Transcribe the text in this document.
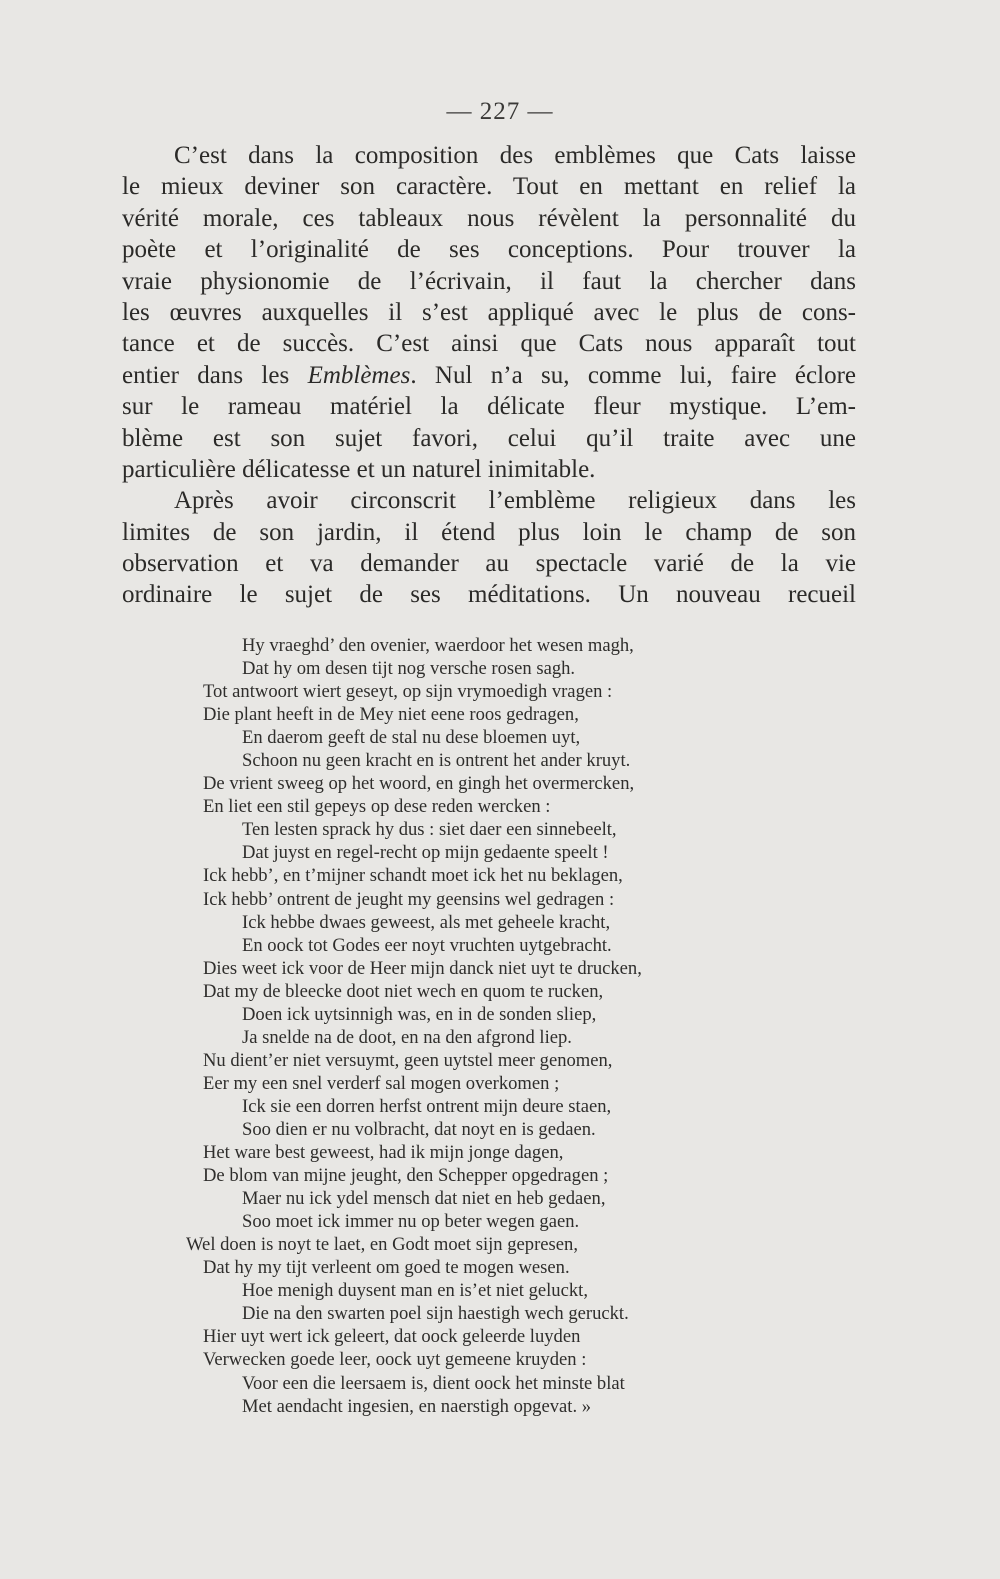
— 227 —
C’est dans la composition des emblèmes que Cats laisse
le mieux deviner son caractère. Tout en mettant en relief la
vérité morale, ces tableaux nous révèlent la personnalité du
poète et l’originalité de ses conceptions. Pour trouver la
vraie physionomie de l’écrivain, il faut la chercher dans
les œuvres auxquelles il s’est appliqué avec le plus de cons-
tance et de succès. C’est ainsi que Cats nous apparaît tout
entier dans les Emblèmes. Nul n’a su, comme lui, faire éclore
sur le rameau matériel la délicate fleur mystique. L’em-
blème est son sujet favori, celui qu’il traite avec une
particulière délicatesse et un naturel inimitable.
Après avoir circonscrit l’emblème religieux dans les
limites de son jardin, il étend plus loin le champ de son
observation et va demander au spectacle varié de la vie
ordinaire le sujet de ses méditations. Un nouveau recueil
Hy vraeghd’ den ovenier, waerdoor het wesen magh,
Dat hy om desen tijt nog versche rosen sagh.
Tot antwoort wiert geseyt, op sijn vrymoedigh vragen :
Die plant heeft in de Mey niet eene roos gedragen,
En daerom geeft de stal nu dese bloemen uyt,
Schoon nu geen kracht en is ontrent het ander kruyt.
De vrient sweeg op het woord, en gingh het overmercken,
En liet een stil gepeys op dese reden wercken :
Ten lesten sprack hy dus : siet daer een sinnebeelt,
Dat juyst en regel-recht op mijn gedaente speelt !
Ick hebb’, en t’mijner schandt moet ick het nu beklagen,
Ick hebb’ ontrent de jeught my geensins wel gedragen :
Ick hebbe dwaes geweest, als met geheele kracht,
En oock tot Godes eer noyt vruchten uytgebracht.
Dies weet ick voor de Heer mijn danck niet uyt te drucken,
Dat my de bleecke doot niet wech en quom te rucken,
Doen ick uytsinnigh was, en in de sonden sliep,
Ja snelde na de doot, en na den afgrond liep.
Nu dient’er niet versuymt, geen uytstel meer genomen,
Eer my een snel verderf sal mogen overkomen ;
Ick sie een dorren herfst ontrent mijn deure staen,
Soo dien er nu volbracht, dat noyt en is gedaen.
Het ware best geweest, had ik mijn jonge dagen,
De blom van mijne jeught, den Schepper opgedragen ;
Maer nu ick ydel mensch dat niet en heb gedaen,
Soo moet ick immer nu op beter wegen gaen.
Wel doen is noyt te laet, en Godt moet sijn gepresen,
Dat hy my tijt verleent om goed te mogen wesen.
Hoe menigh duysent man en is’et niet geluckt,
Die na den swarten poel sijn haestigh wech geruckt.
Hier uyt wert ick geleert, dat oock geleerde luyden
Verwecken goede leer, oock uyt gemeene kruyden :
Voor een die leersaem is, dient oock het minste blat
Met aendacht ingesien, en naerstigh opgevat. »
